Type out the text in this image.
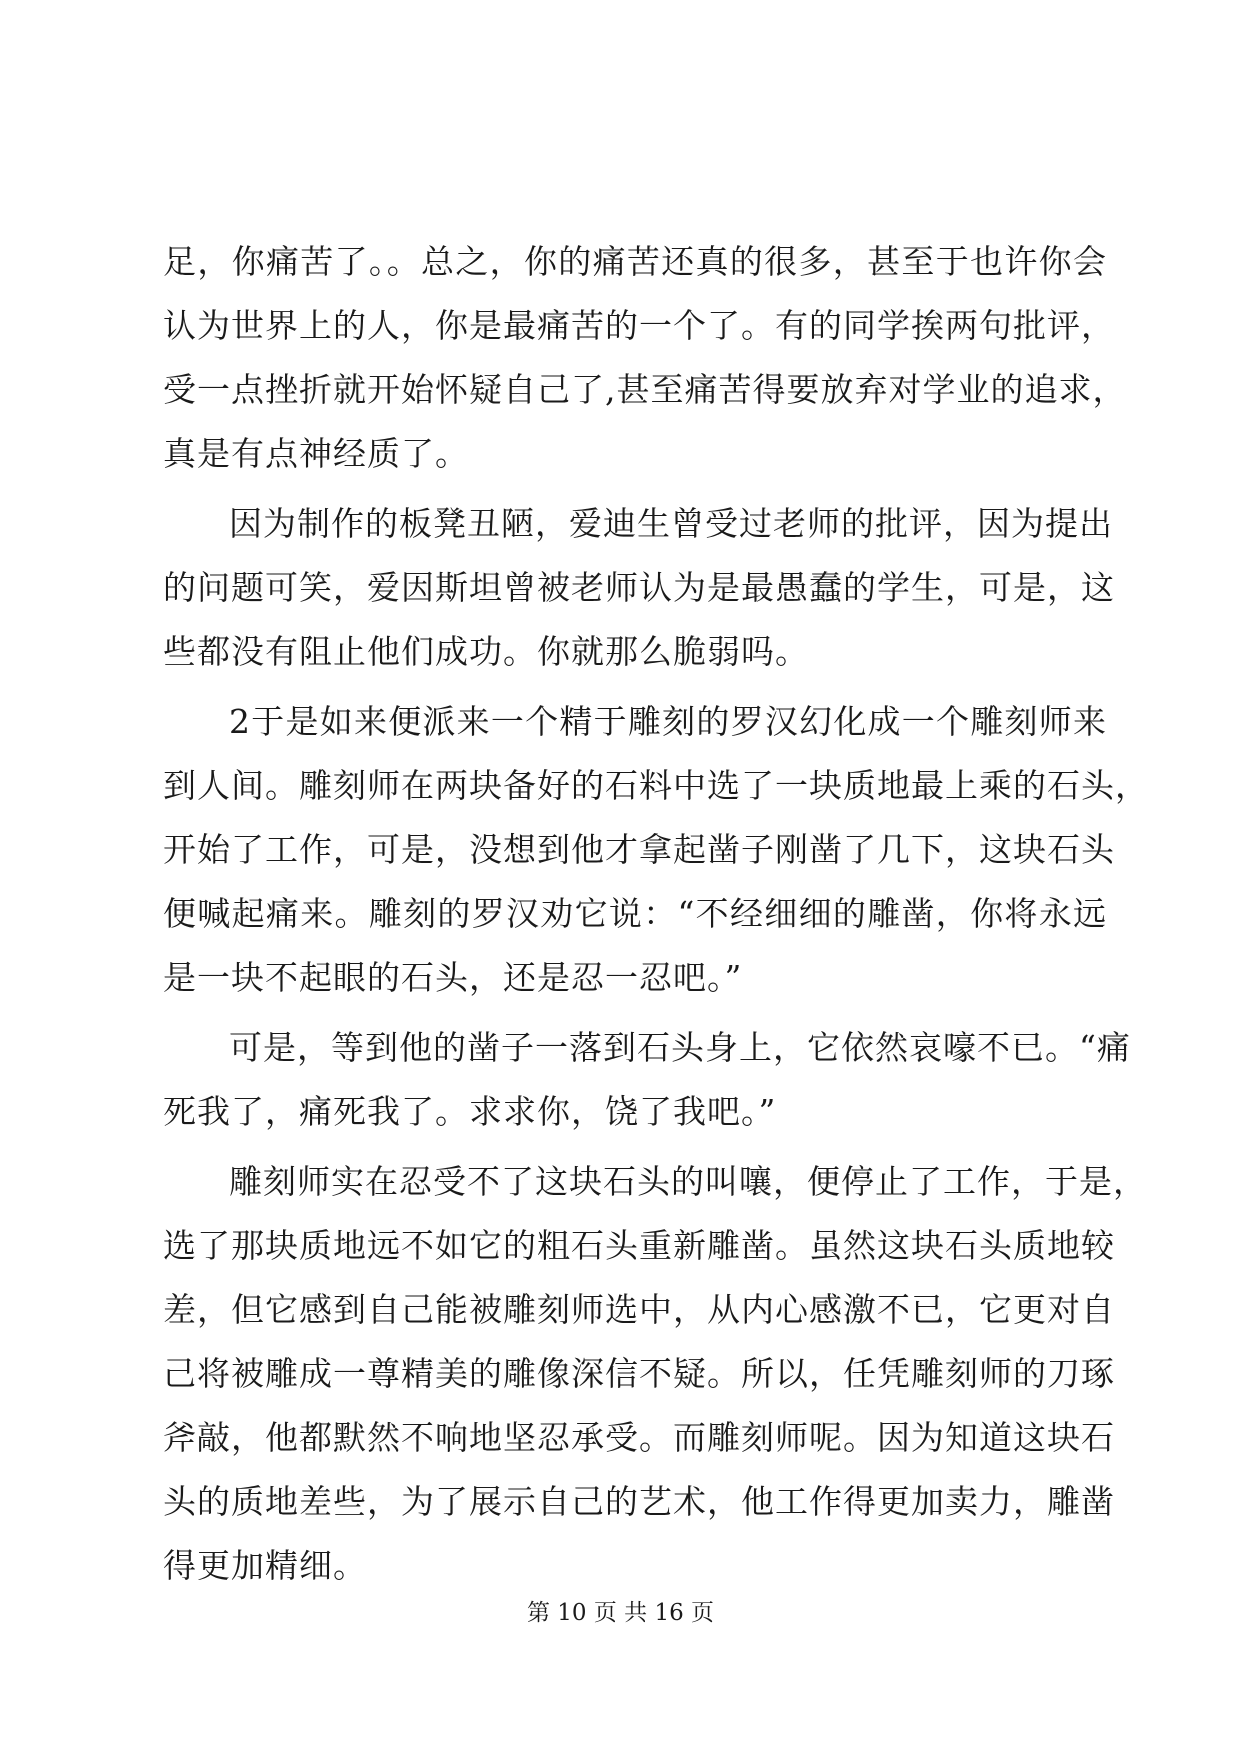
足，你痛苦了。。总之，你的痛苦还真的很多，甚至于也许你会
认为世界上的人，你是最痛苦的一个了。有的同学挨两句批评，
受一点挫折就开始怀疑自己了,甚至痛苦得要放弃对学业的追求，
真是有点神经质了。
因为制作的板凳丑陋，爱迪生曾受过老师的批评，因为提出
的问题可笑，爱因斯坦曾被老师认为是最愚蠢的学生，可是，这
些都没有阻止他们成功。你就那么脆弱吗。
2于是如来便派来一个精于雕刻的罗汉幻化成一个雕刻师来
到人间。雕刻师在两块备好的石料中选了一块质地最上乘的石头，
开始了工作，可是，没想到他才拿起凿子刚凿了几下，这块石头
便喊起痛来。雕刻的罗汉劝它说：“不经细细的雕凿，你将永远
是一块不起眼的石头，还是忍一忍吧。”
可是，等到他的凿子一落到石头身上，它依然哀嚎不已。“痛
死我了，痛死我了。求求你，饶了我吧。”
雕刻师实在忍受不了这块石头的叫嚷，便停止了工作，于是，
选了那块质地远不如它的粗石头重新雕凿。虽然这块石头质地较
差，但它感到自己能被雕刻师选中，从内心感激不已，它更对自
己将被雕成一尊精美的雕像深信不疑。所以，任凭雕刻师的刀琢
斧敲，他都默然不响地坚忍承受。而雕刻师呢。因为知道这块石
头的质地差些，为了展示自己的艺术，他工作得更加卖力，雕凿
得更加精细。
第 10 页 共 16 页
